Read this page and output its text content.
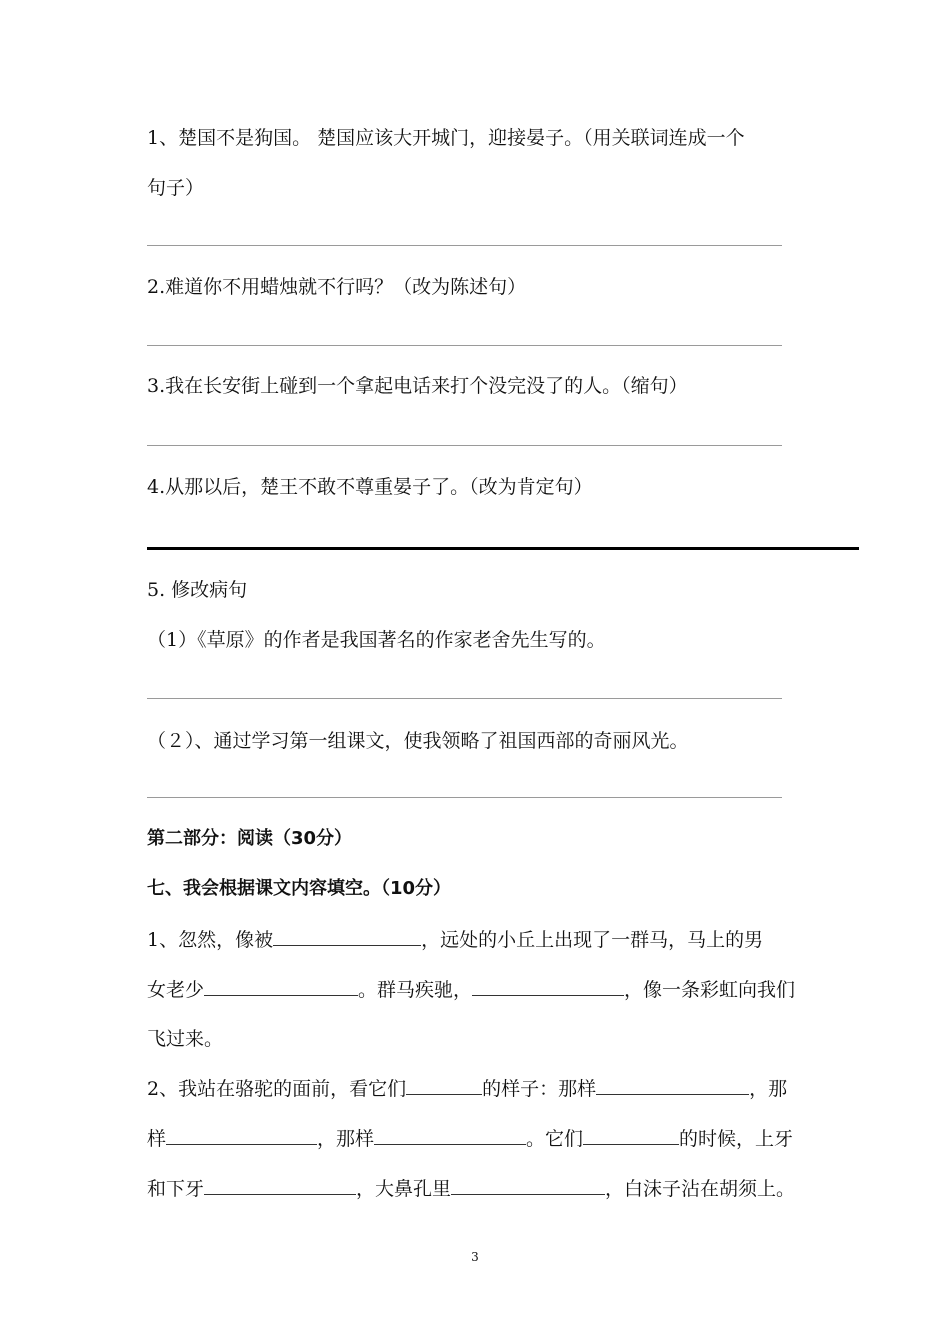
1、楚国不是狗国。 楚国应该大开城门，迎接晏子。（用关联词连成一个
句子）
2.难道你不用蜡烛就不行吗？（改为陈述句）
3.我在长安街上碰到一个拿起电话来打个没完没了的人。（缩句）
4.从那以后，楚王不敢不尊重晏子了。（改为肯定句）
5. 修改病句
（1）《草原》的作者是我国著名的作家老舍先生写的。
（２）、通过学习第一组课文，使我领略了祖国西部的奇丽风光。
第二部分：阅读（30分）
七、我会根据课文内容填空。（10分）
1、忽然，像被	，远处的小丘上出现了一群马，马上的男
女老少	。群马疾驰，	，像一条彩虹向我们
飞过来。
2、我站在骆驼的面前，看它们	的样子：那样	，那
样	，那样	。它们	的时候，上牙
和下牙	，大鼻孔里	，白沫子沾在胡须上。
3
